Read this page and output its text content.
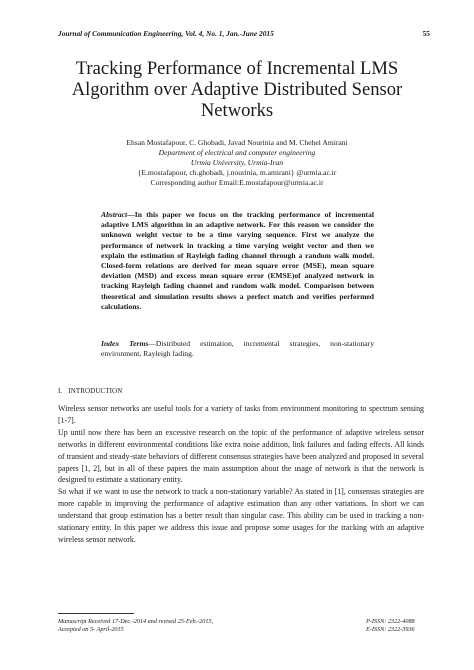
Journal of Communication Engineering, Vol. 4, No. 1, Jan.-June 2015	55
Tracking Performance of Incremental LMS
Algorithm over Adaptive Distributed Sensor
Networks
Ehsan Mostafapour, C. Ghobadi, Javad Nourinia and M. Chehel Amirani
Department of electrical and computer engineering
Urmia University, Urmia-Iran
{E.mostafapour, ch.ghobadi, j.nourinia, m.amirani} @urmia.ac.ir
Corresponding author Email:E.mostafapour@urmia.ac.ir
Abstract—In this paper we focus on the tracking performance of incremental adaptive LMS algorithm in an adaptive network. For this reason we consider the unknown weight vector to be a time varying sequence. First we analyze the performance of network in tracking a time varying weight vector and then we explain the estimation of Rayleigh fading channel through a random walk model. Closed-form relations are derived for mean square error (MSE), mean square deviation (MSD) and excess mean square error (EMSE)of analyzed network in tracking Rayleigh fading channel and random walk model. Comparison between theoretical and simulation results shows a perfect match and verifies performed calculations.
Index Terms—Distributed estimation, incremental strategies, non-stationary environment, Rayleigh fading.
I. INTRODUCTION

Wireless sensor networks are useful tools for a variety of tasks from environment monitoring to spectrum sensing [1-7].

Up until now there has been an excessive research on the topic of the performance of adaptive wireless sensor networks in different environmental conditions like extra noise addition, link failures and fading effects. All kinds of transient and steady-state behaviors of different consensus strategies have been analyzed and proposed in several papers [1, 2], but in all of these papers the main assumption about the usage of network is that the network is designed to estimate a stationary entity.

So what if we want to use the network to track a non-stationary variable? As stated in [1], consensus strategies are more capable in improving the performance of adaptive estimation than any other variations. In short we can understand that group estimation has a better result than singular case. This ability can be used in tracking a non-stationary entity. In this paper we address this issue and propose some usages for the tracking with an adaptive wireless sensor network.

Manuscript Received 17-Dec.-2014 and revised 25-Feb.-2015,
Accepted on 5- April-2015
P-ISSN: 2322-4088
E-ISSN: 2322-3936
